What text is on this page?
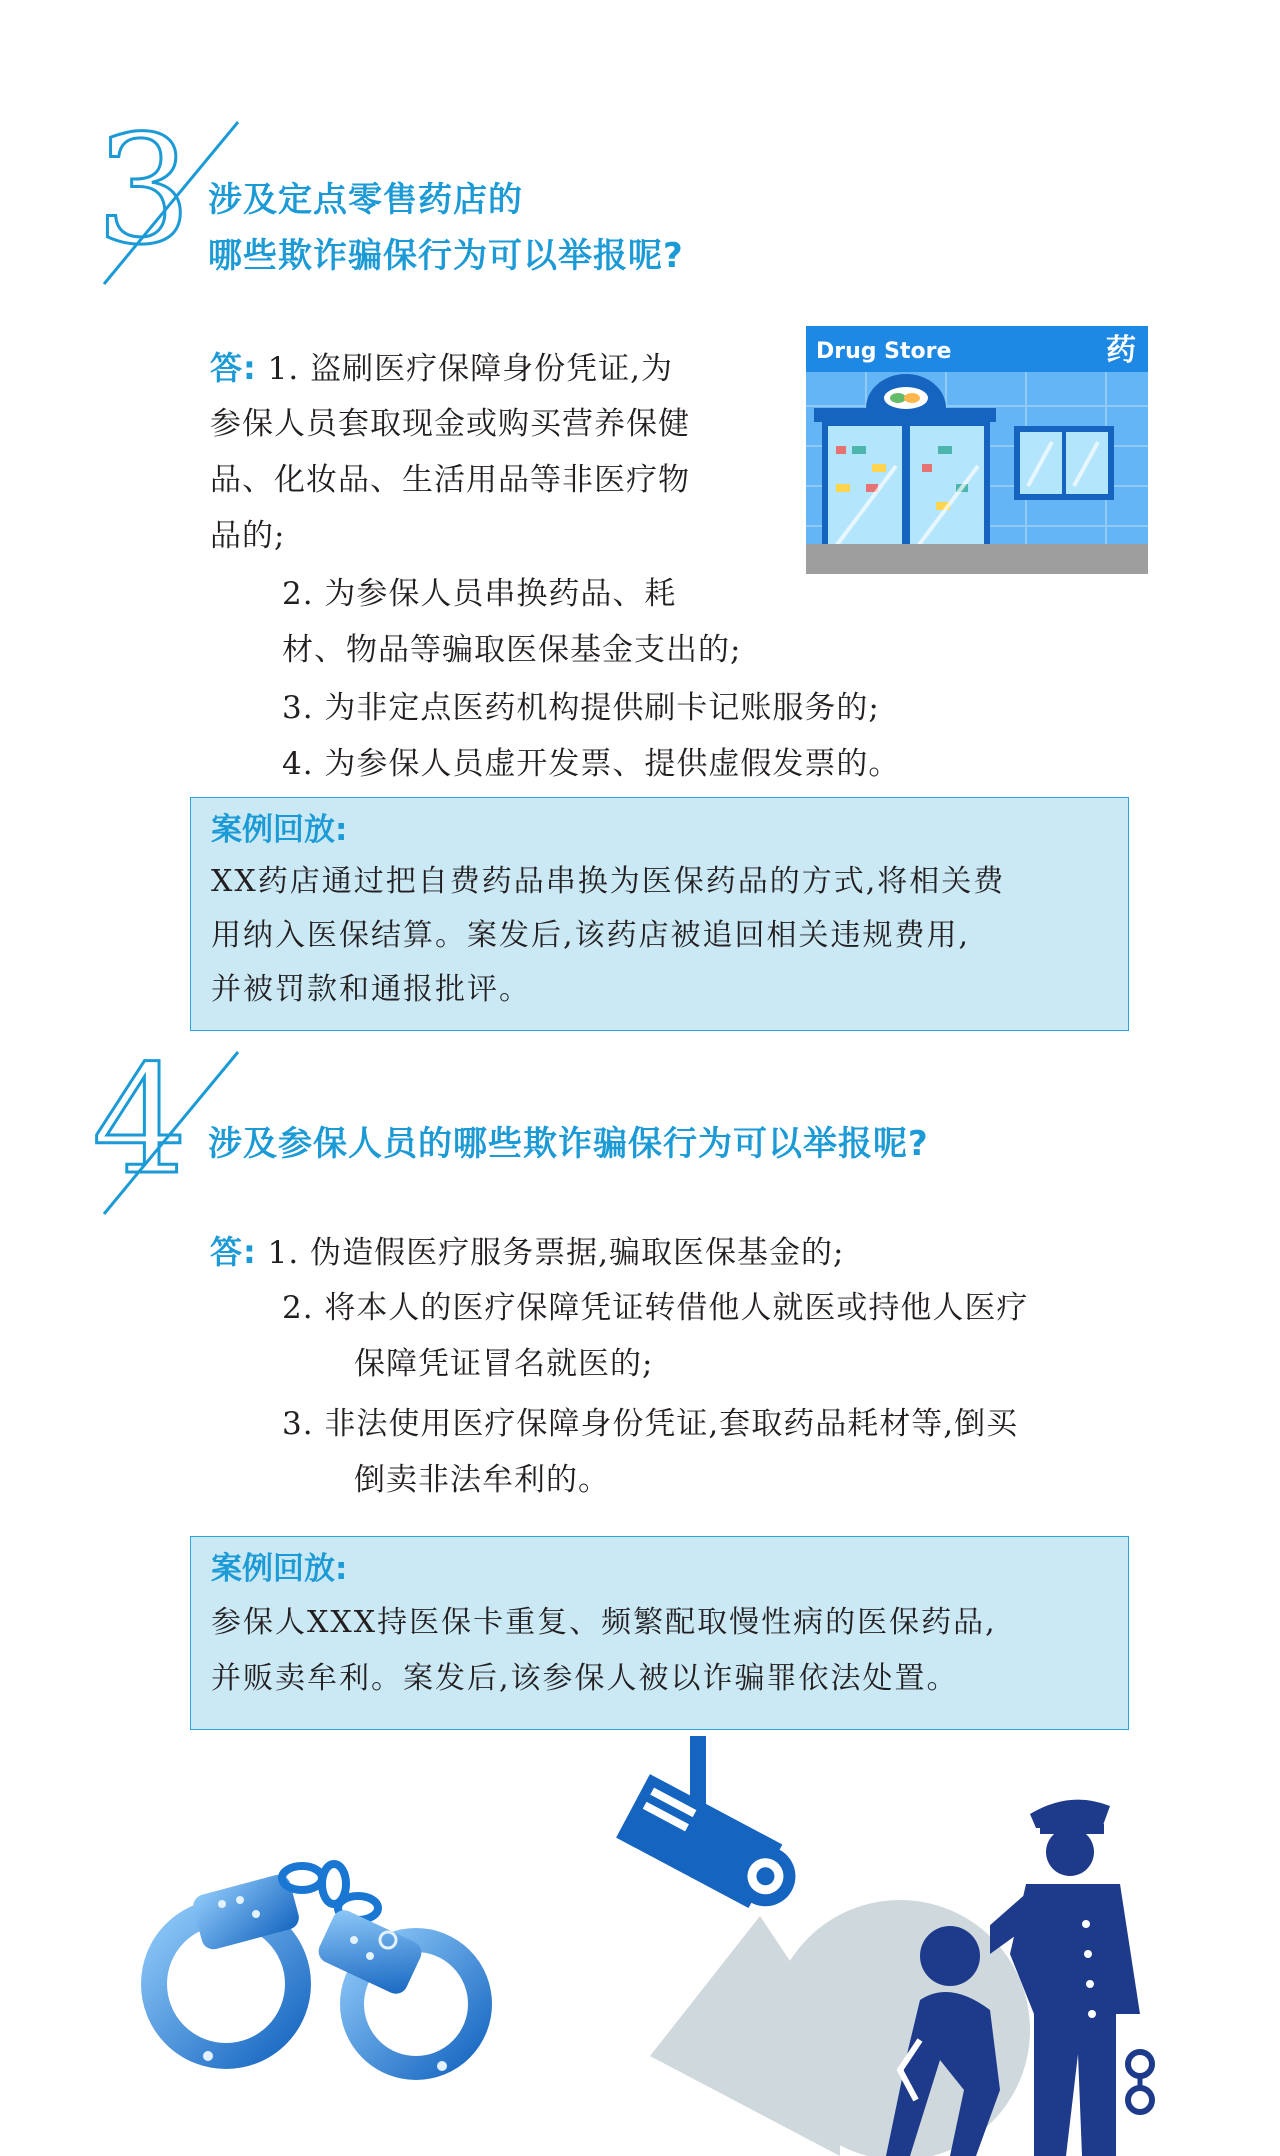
3 涉及定点零售药店的
哪些欺诈骗保行为可以举报呢?
答: 1. 盗刷医疗保障身份凭证,为
参保人员套取现金或购买营养保健
品、化妆品、生活用品等非医疗物
品的;
2. 为参保人员串换药品、耗
材、物品等骗取医保基金支出的;
3. 为非定点医药机构提供刷卡记账服务的;
4. 为参保人员虚开发票、提供虚假发票的。
Drug Store	药
案例回放:
XX药店通过把自费药品串换为医保药品的方式,将相关费
用纳入医保结算。案发后,该药店被追回相关违规费用,
并被罚款和通报批评。
4 涉及参保人员的哪些欺诈骗保行为可以举报呢?
答: 1. 伪造假医疗服务票据,骗取医保基金的;
2. 将本人的医疗保障凭证转借他人就医或持他人医疗
保障凭证冒名就医的;
3. 非法使用医疗保障身份凭证,套取药品耗材等,倒买
倒卖非法牟利的。
案例回放:
参保人XXX持医保卡重复、频繁配取慢性病的医保药品,
并贩卖牟利。案发后,该参保人被以诈骗罪依法处置。
